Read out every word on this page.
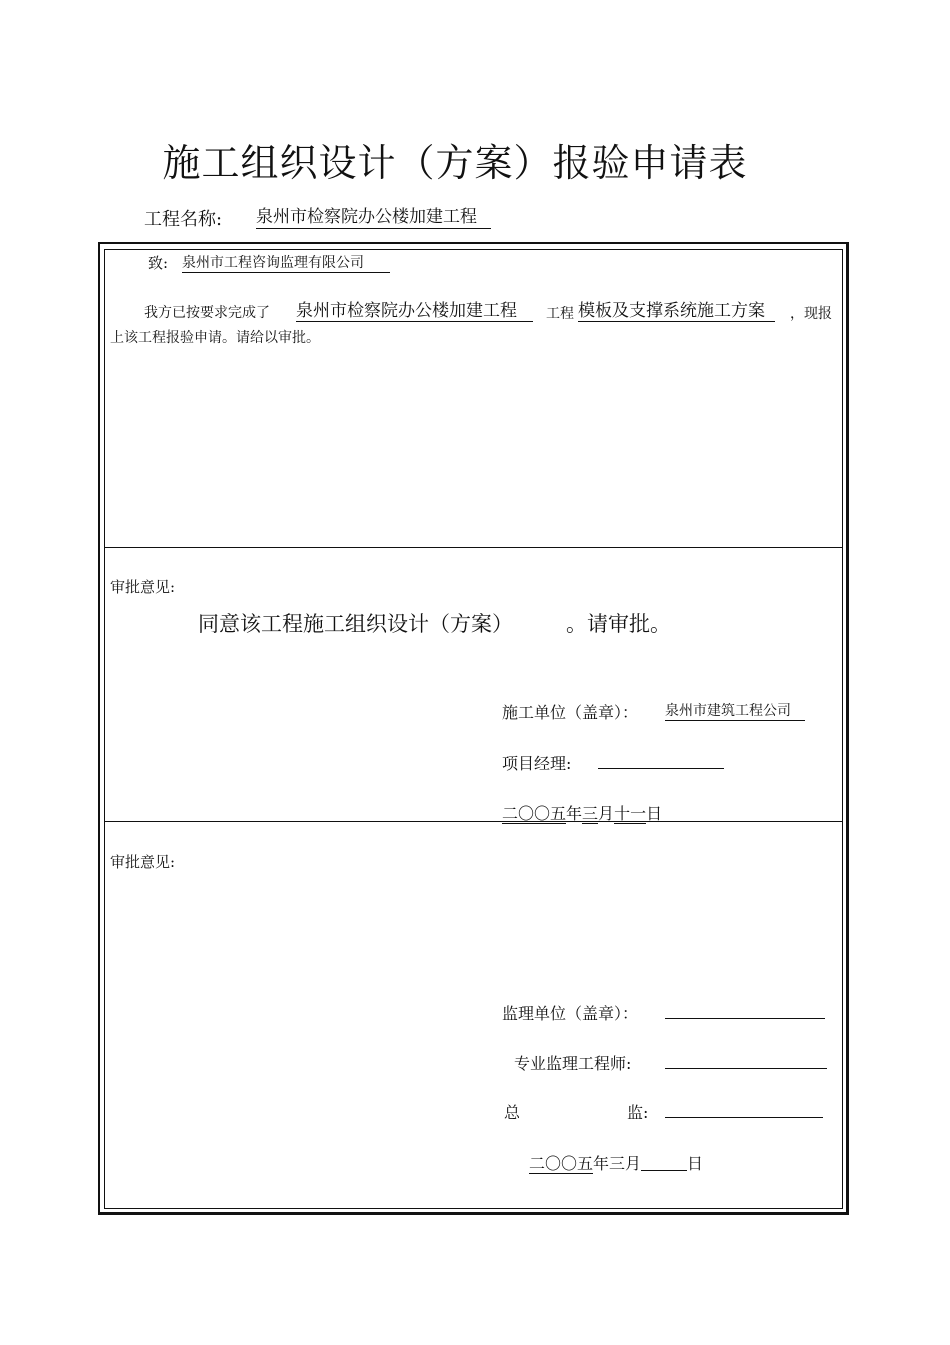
施工组织设计（方案）报验申请表
工程名称: 泉州市检察院办公楼加建工程
致: 泉州市工程咨询监理有限公司
我方已按要求完成了 泉州市检察院办公楼加建工程	工程 模板及支撑系统施工方案	，现报
上该工程报验申请。请给以审批。
审批意见:
同意该工程施工组织设计（方案）	。请审批。
施工单位（盖章）： 泉州市建筑工程公司
项目经理:
二〇〇五年三月十一日
审批意见:
监理单位（盖章）：
专业监理工程师:
总	监:
二〇〇五年三月	日
